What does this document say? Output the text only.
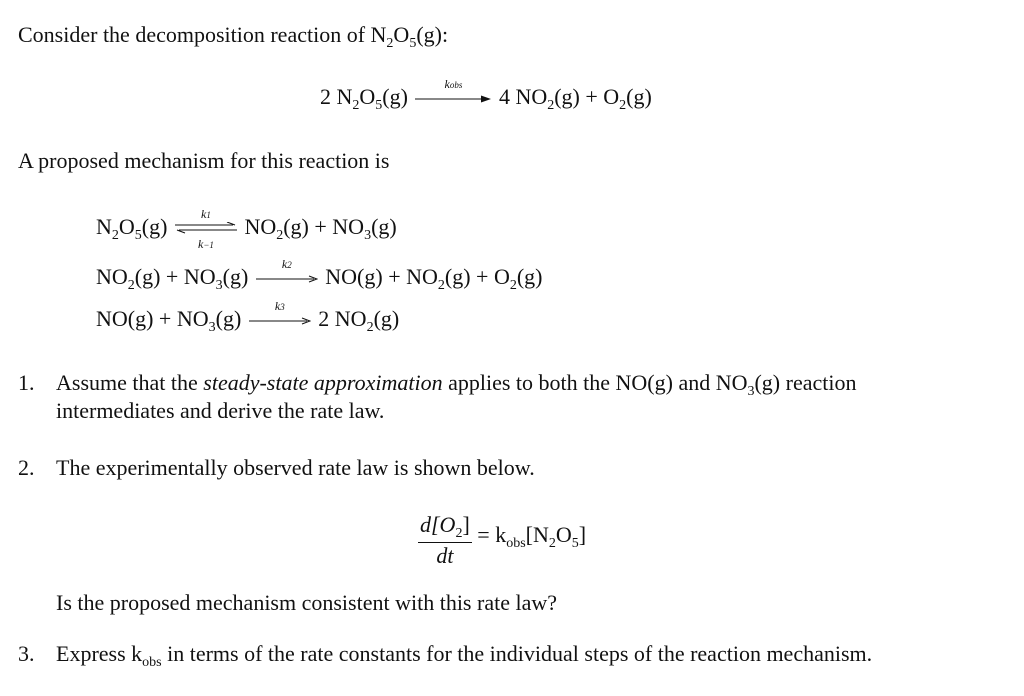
Consider the decomposition reaction of $N_2O_5(g)$:
2 $N_2O_5(g)$
kobs	4 $NO_2(g) + O_2(g)$
A proposed mechanism for this reaction is
$N_2O_5(g)$
k1
k−1
$NO_2(g) + NO_3(g)$
$NO_2(g) + NO_3(g)$
k2	$NO(g) + NO_2(g) + O_2(g)$
$NO(g) + NO_3(g)$
k3	2 $NO_2(g)$
1. Assume that the steady-state approximation applies to both the NO(g) and $NO_3(g)$ reaction
intermediates and derive the rate law.
2. The experimentally observed rate law is shown below.
$\frac{d[O_2]}{dt} = k_{obs}[N_2O_5]$
Is the proposed mechanism consistent with this rate law?
3. Express $k_{obs}$ in terms of the rate constants for the individual steps of the reaction mechanism.
